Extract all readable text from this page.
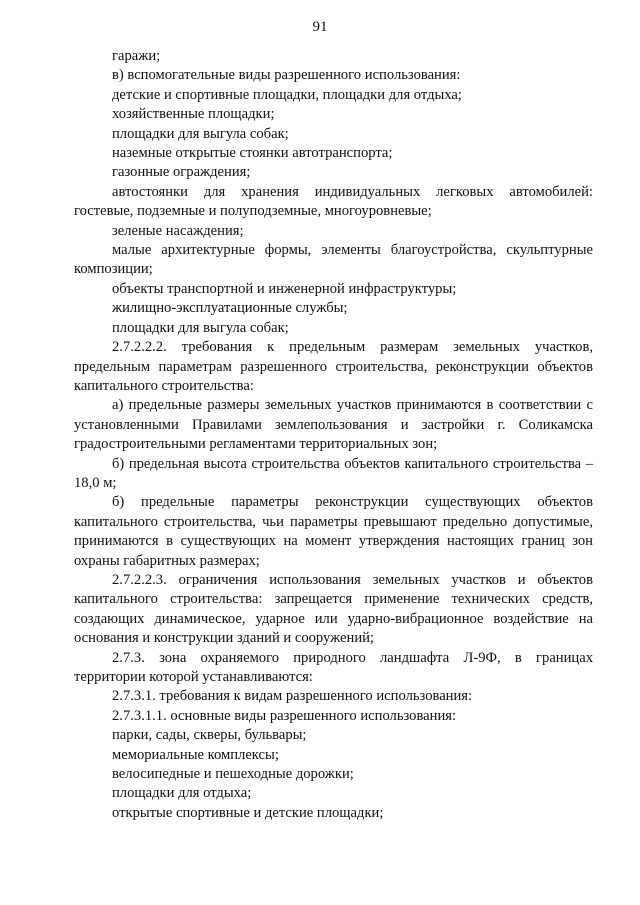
91

гаражи;

в) вспомогательные виды разрешенного использования:

детские и спортивные площадки, площадки для отдыха;

хозяйственные площадки;

площадки для выгула собак;

наземные открытые стоянки автотранспорта;

газонные ограждения;

автостоянки для хранения индивидуальных легковых автомобилей: гостевые, подземные и полуподземные, многоуровневые;

зеленые насаждения;

малые архитектурные формы, элементы благоустройства, скульптурные композиции;

объекты транспортной и инженерной инфраструктуры;

жилищно-эксплуатационные службы;

площадки для выгула собак;

2.7.2.2.2. требования к предельным размерам земельных участков, предельным параметрам разрешенного строительства, реконструкции объектов капитального строительства:

а) предельные размеры земельных участков принимаются в соответствии с установленными Правилами землепользования и застройки г. Соликамска градостроительными регламентами территориальных зон;

б) предельная высота строительства объектов капитального строительства – 18,0 м;

б) предельные параметры реконструкции существующих объектов капитального строительства, чьи параметры превышают предельно допустимые, принимаются в существующих на момент утверждения настоящих границ зон охраны габаритных размерах;

2.7.2.2.3. ограничения использования земельных участков и объектов капитального строительства: запрещается применение технических средств, создающих динамическое, ударное или ударно-вибрационное воздействие на основания и конструкции зданий и сооружений;

2.7.3. зона охраняемого природного ландшафта Л-9Ф, в границах территории которой устанавливаются:

2.7.3.1. требования к видам разрешенного использования:

2.7.3.1.1. основные виды разрешенного использования:

парки, сады, скверы, бульвары;

мемориальные комплексы;

велосипедные и пешеходные дорожки;

площадки для отдыха;

открытые спортивные и детские площадки;
